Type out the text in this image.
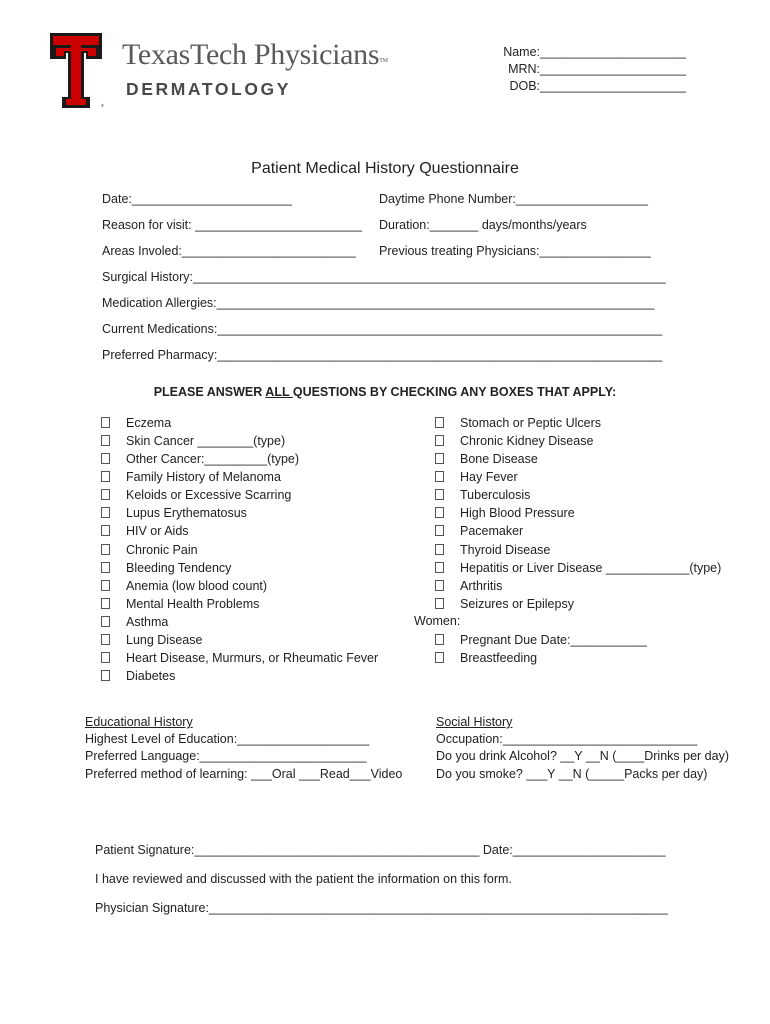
®
TexasTech Physicians™
DERMATOLOGY
Name:_____________________
MRN:_____________________
DOB:_____________________
Patient Medical History Questionnaire
Date:_______________________
Reason for visit: ________________________
Areas Involed:_________________________
Daytime Phone Number:___________________
Duration:_______ days/months/years
Previous treating Physicians:________________
Surgical History:____________________________________________________________________
Medication Allergies:_______________________________________________________________
Current Medications:________________________________________________________________
Preferred Pharmacy:________________________________________________________________
PLEASE ANSWER ALL QUESTIONS BY CHECKING ANY BOXES THAT APPLY:
Eczema
Skin Cancer ________(type)
Other Cancer:_________(type)
Family History of Melanoma
Keloids or Excessive Scarring
Lupus Erythematosus
HIV or Aids
Chronic Pain
Bleeding Tendency
Anemia (low blood count)
Mental Health Problems
Asthma
Lung Disease
Heart Disease, Murmurs, or Rheumatic Fever
Diabetes
Stomach or Peptic Ulcers
Chronic Kidney Disease
Bone Disease
Hay Fever
Tuberculosis
High Blood Pressure
Pacemaker
Thyroid Disease
Hepatitis or Liver Disease ____________(type)
Arthritis
Seizures or Epilepsy
Women:
Pregnant Due Date:___________
Breastfeeding
Educational History
Highest Level of Education:___________________
Preferred Language:________________________
Preferred method of learning: ___Oral ___Read___Video
Social History
Occupation:____________________________
Do you drink Alcohol? __Y __N (____Drinks per day)
Do you smoke? ___Y __N (_____Packs per day)
Patient Signature:_________________________________________ Date:______________________
I have reviewed and discussed with the patient the information on this form.
Physician Signature:__________________________________________________________________
